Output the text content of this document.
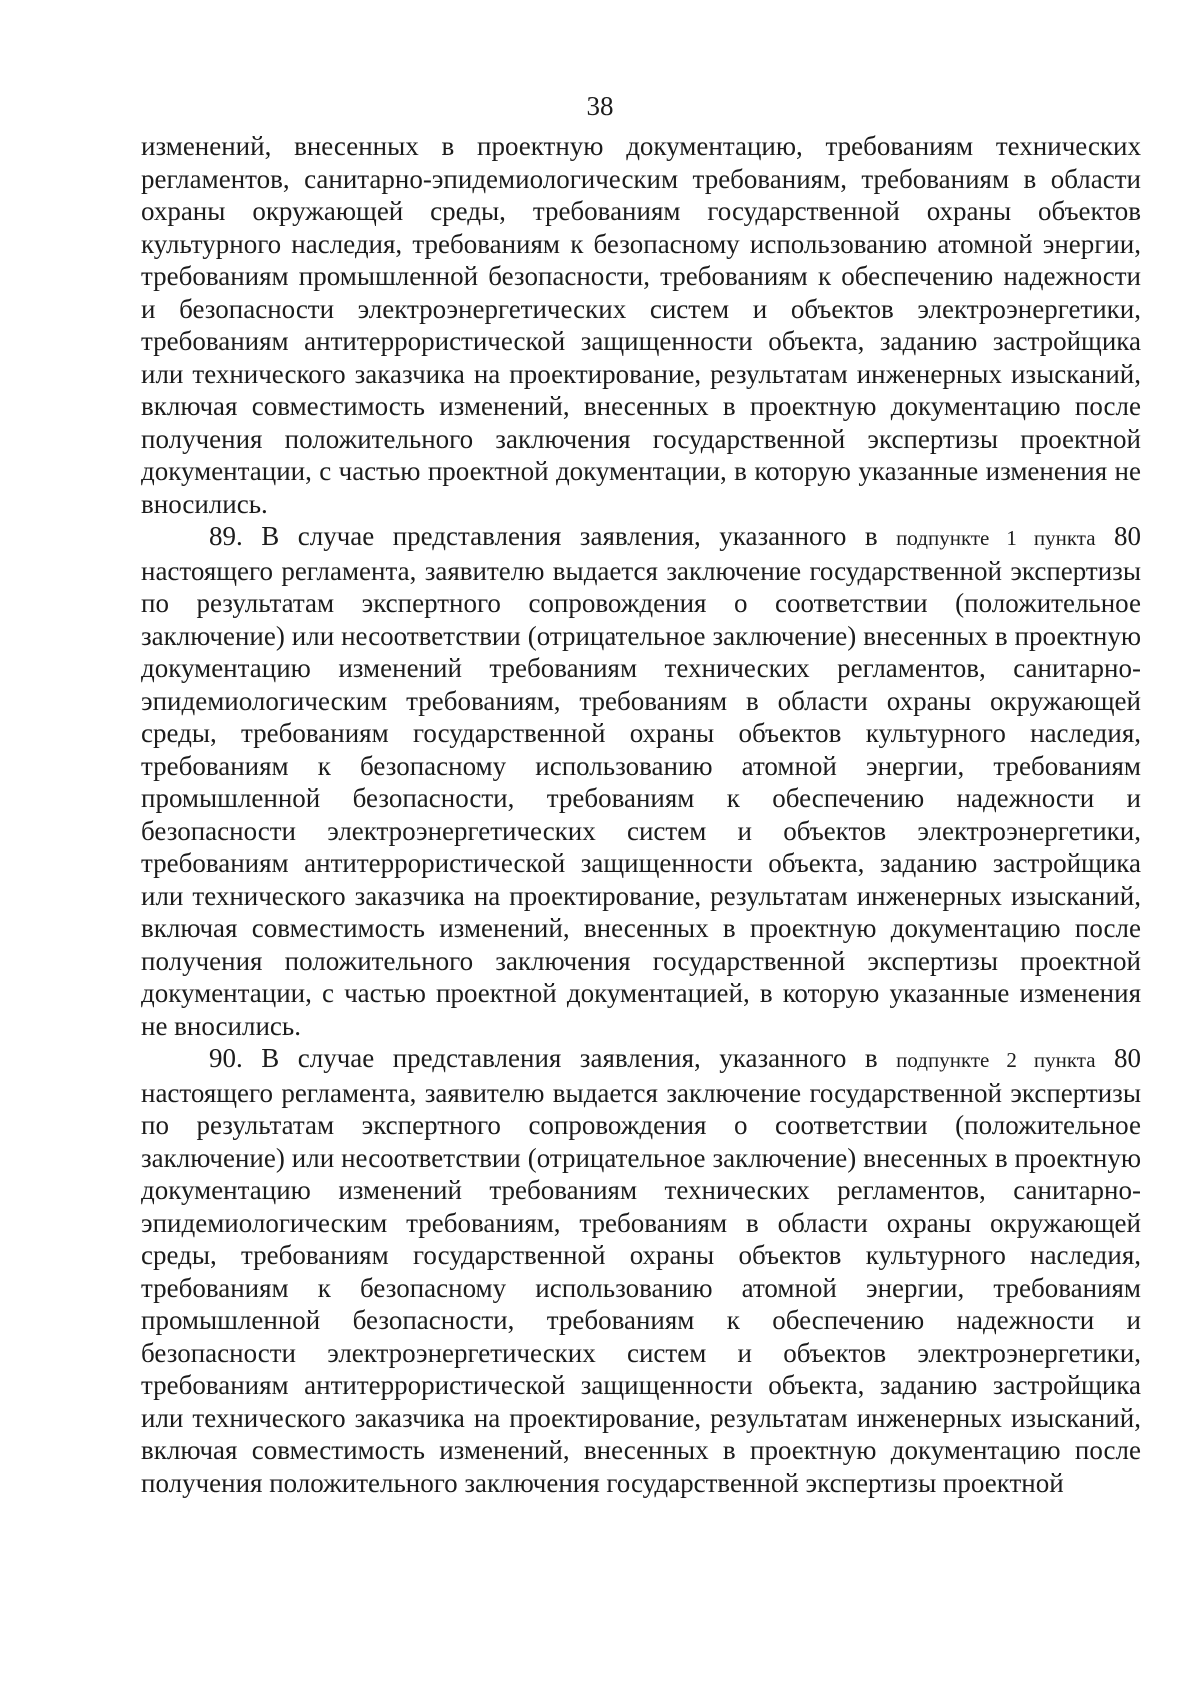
38

изменений, внесенных в проектную документацию, требованиям технических регламентов, санитарно-эпидемиологическим требованиям, требованиям в области охраны окружающей среды, требованиям государственной охраны объектов культурного наследия, требованиям к безопасному использованию атомной энергии, требованиям промышленной безопасности, требованиям к обеспечению надежности и безопасности электроэнергетических систем и объектов электроэнергетики, требованиям антитеррористической защищенности объекта, заданию застройщика или технического заказчика на проектирование, результатам инженерных изысканий, включая совместимость изменений, внесенных в проектную документацию после получения положительного заключения государственной экспертизы проектной документации, с частью проектной документации, в которую указанные изменения не вносились.

89. В случае представления заявления, указанного в подпункте 1 пункта 80 настоящего регламента, заявителю выдается заключение государственной экспертизы по результатам экспертного сопровождения о соответствии (положительное заключение) или несоответствии (отрицательное заключение) внесенных в проектную документацию изменений требованиям технических регламентов, санитарно-эпидемиологическим требованиям, требованиям в области охраны окружающей среды, требованиям государственной охраны объектов культурного наследия, требованиям к безопасному использованию атомной энергии, требованиям промышленной безопасности, требованиям к обеспечению надежности и безопасности электроэнергетических систем и объектов электроэнергетики, требованиям антитеррористической защищенности объекта, заданию застройщика или технического заказчика на проектирование, результатам инженерных изысканий, включая совместимость изменений, внесенных в проектную документацию после получения положительного заключения государственной экспертизы проектной документации, с частью проектной документацией, в которую указанные изменения не вносились.

90. В случае представления заявления, указанного в подпункте 2 пункта 80 настоящего регламента, заявителю выдается заключение государственной экспертизы по результатам экспертного сопровождения о соответствии (положительное заключение) или несоответствии (отрицательное заключение) внесенных в проектную документацию изменений требованиям технических регламентов, санитарно-эпидемиологическим требованиям, требованиям в области охраны окружающей среды, требованиям государственной охраны объектов культурного наследия, требованиям к безопасному использованию атомной энергии, требованиям промышленной безопасности, требованиям к обеспечению надежности и безопасности электроэнергетических систем и объектов электроэнергетики, требованиям антитеррористической защищенности объекта, заданию застройщика или технического заказчика на проектирование, результатам инженерных изысканий, включая совместимость изменений, внесенных в проектную документацию после получения положительного заключения государственной экспертизы проектной
